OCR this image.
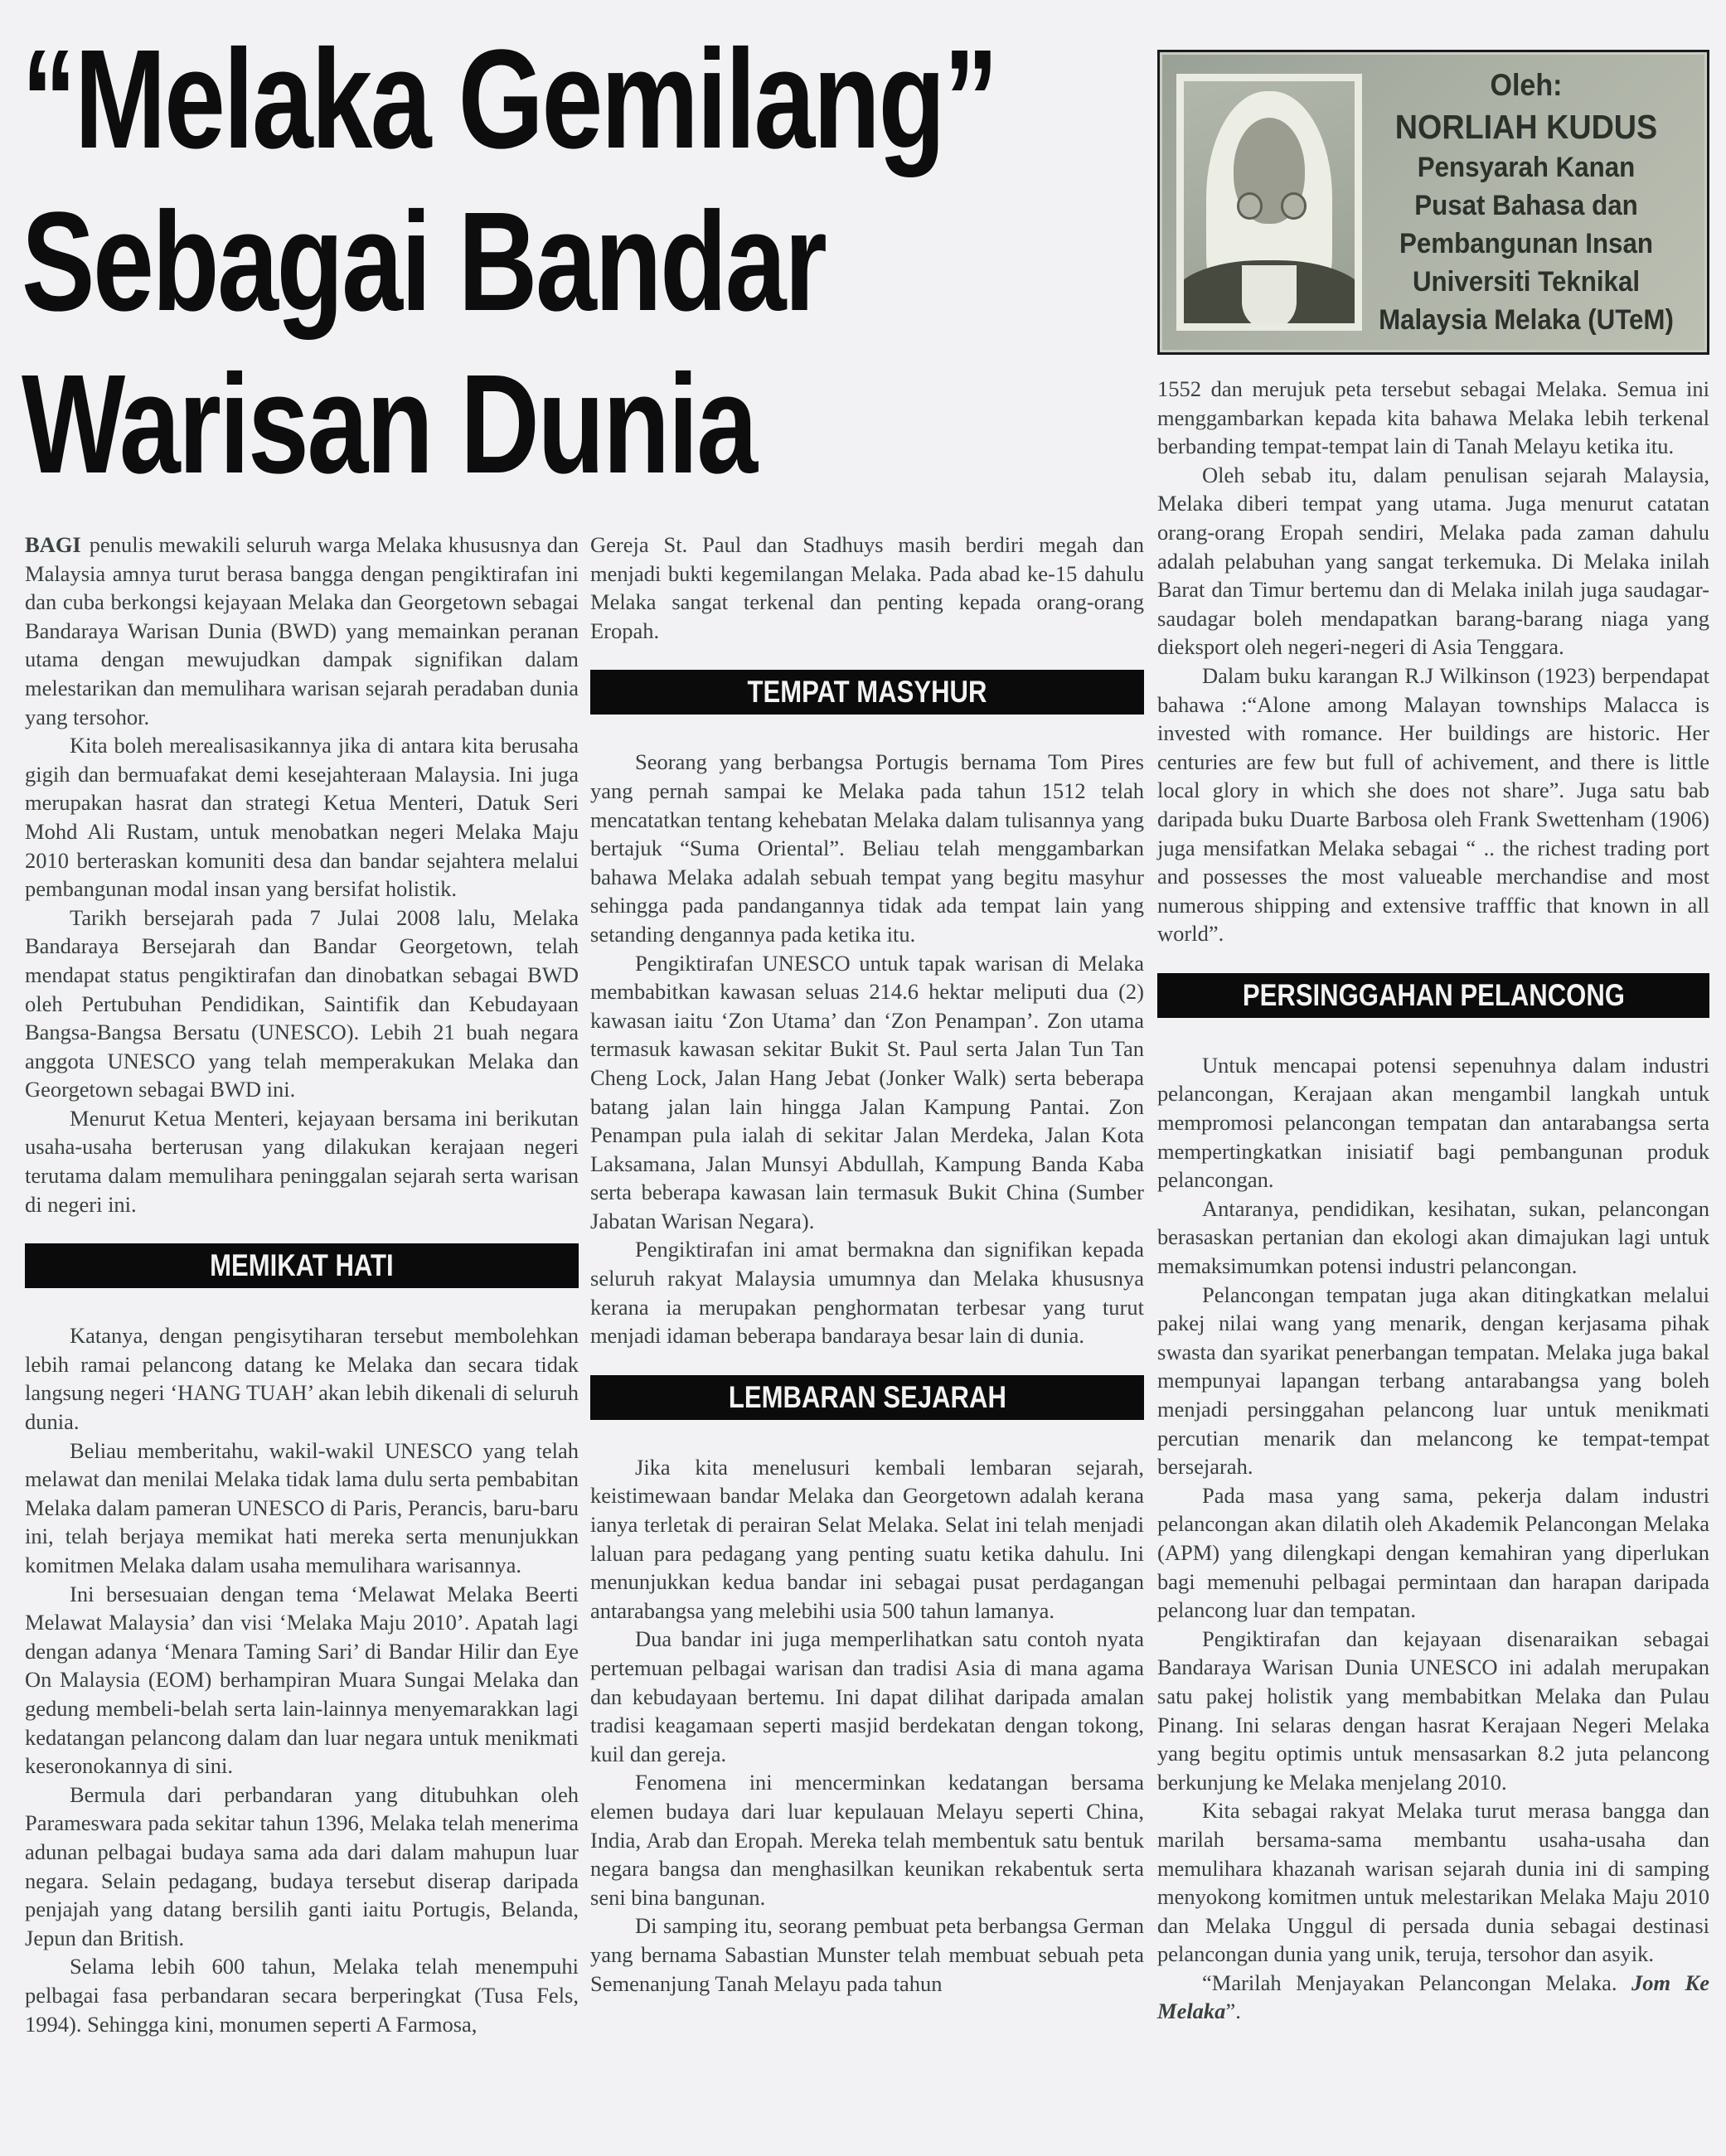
“Melaka Gemilang”
Sebagai Bandar
Warisan Dunia
Oleh:
NORLIAH KUDUS
Pensyarah Kanan
Pusat Bahasa dan
Pembangunan Insan
Universiti Teknikal
Malaysia Melaka (UTeM)

BAGI penulis mewakili seluruh warga Melaka khususnya dan Malaysia amnya turut berasa bangga dengan pengiktirafan ini dan cuba berkongsi kejayaan Melaka dan Georgetown sebagai Bandaraya Warisan Dunia (BWD) yang memainkan peranan utama dengan mewujudkan dampak signifikan dalam melestarikan dan memulihara warisan sejarah peradaban dunia yang tersohor.

Kita boleh merealisasikannya jika di antara kita berusaha gigih dan bermuafakat demi kesejahteraan Malaysia. Ini juga merupakan hasrat dan strategi Ketua Menteri, Datuk Seri Mohd Ali Rustam, untuk menobatkan negeri Melaka Maju 2010 berteraskan komuniti desa dan bandar sejahtera melalui pembangunan modal insan yang bersifat holistik.

Tarikh bersejarah pada 7 Julai 2008 lalu, Melaka Bandaraya Bersejarah dan Bandar Georgetown, telah mendapat status pengiktirafan dan dinobatkan sebagai BWD oleh Pertubuhan Pendidikan, Saintifik dan Kebudayaan Bangsa-Bangsa Bersatu (UNESCO). Lebih 21 buah negara anggota UNESCO yang telah memperakukan Melaka dan Georgetown sebagai BWD ini.

Menurut Ketua Menteri, kejayaan bersama ini berikutan usaha-usaha berterusan yang dilakukan kerajaan negeri terutama dalam memulihara peninggalan sejarah serta warisan di negeri ini.

MEMIKAT HATI

Katanya, dengan pengisytiharan tersebut membolehkan lebih ramai pelancong datang ke Melaka dan secara tidak langsung negeri ‘HANG TUAH’ akan lebih dikenali di seluruh dunia.

Beliau memberitahu, wakil-wakil UNESCO yang telah melawat dan menilai Melaka tidak lama dulu serta pembabitan Melaka dalam pameran UNESCO di Paris, Perancis, baru-baru ini, telah berjaya memikat hati mereka serta menunjukkan komitmen Melaka dalam usaha memulihara warisannya.

Ini bersesuaian dengan tema ‘Melawat Melaka Beerti Melawat Malaysia’ dan visi ‘Melaka Maju 2010’. Apatah lagi dengan adanya ‘Menara Taming Sari’ di Bandar Hilir dan Eye On Malaysia (EOM) berhampiran Muara Sungai Melaka dan gedung membeli-belah serta lain-lainnya menyemarakkan lagi kedatangan pelancong dalam dan luar negara untuk menikmati keseronokannya di sini.

Bermula dari perbandaran yang ditubuhkan oleh Parameswara pada sekitar tahun 1396, Melaka telah menerima adunan pelbagai budaya sama ada dari dalam mahupun luar negara. Selain pedagang, budaya tersebut diserap daripada penjajah yang datang bersilih ganti iaitu Portugis, Belanda, Jepun dan British.

Selama lebih 600 tahun, Melaka telah menempuhi pelbagai fasa perbandaran secara berperingkat (Tusa Fels, 1994). Sehingga kini, monumen seperti A Farmosa,

Gereja St. Paul dan Stadhuys masih berdiri megah dan menjadi bukti kegemilangan Melaka. Pada abad ke-15 dahulu Melaka sangat terkenal dan penting kepada orang-orang Eropah.

TEMPAT MASYHUR

Seorang yang berbangsa Portugis bernama Tom Pires yang pernah sampai ke Melaka pada tahun 1512 telah mencatatkan tentang kehebatan Melaka dalam tulisannya yang bertajuk “Suma Oriental”. Beliau telah menggambarkan bahawa Melaka adalah sebuah tempat yang begitu masyhur sehingga pada pandangannya tidak ada tempat lain yang setanding dengannya pada ketika itu.

Pengiktirafan UNESCO untuk tapak warisan di Melaka membabitkan kawasan seluas 214.6 hektar meliputi dua (2) kawasan iaitu ‘Zon Utama’ dan ‘Zon Penampan’. Zon utama termasuk kawasan sekitar Bukit St. Paul serta Jalan Tun Tan Cheng Lock, Jalan Hang Jebat (Jonker Walk) serta beberapa batang jalan lain hingga Jalan Kampung Pantai. Zon Penampan pula ialah di sekitar Jalan Merdeka, Jalan Kota Laksamana, Jalan Munsyi Abdullah, Kampung Banda Kaba serta beberapa kawasan lain termasuk Bukit China (Sumber Jabatan Warisan Negara).

Pengiktirafan ini amat bermakna dan signifikan kepada seluruh rakyat Malaysia umumnya dan Melaka khususnya kerana ia merupakan penghormatan terbesar yang turut menjadi idaman beberapa bandaraya besar lain di dunia.

LEMBARAN SEJARAH

Jika kita menelusuri kembali lembaran sejarah, keistimewaan bandar Melaka dan Georgetown adalah kerana ianya terletak di perairan Selat Melaka. Selat ini telah menjadi laluan para pedagang yang penting suatu ketika dahulu. Ini menunjukkan kedua bandar ini sebagai pusat perdagangan antarabangsa yang melebihi usia 500 tahun lamanya.

Dua bandar ini juga memperlihatkan satu contoh nyata pertemuan pelbagai warisan dan tradisi Asia di mana agama dan kebudayaan bertemu. Ini dapat dilihat daripada amalan tradisi keagamaan seperti masjid berdekatan dengan tokong, kuil dan gereja.

Fenomena ini mencerminkan kedatangan bersama elemen budaya dari luar kepulauan Melayu seperti China, India, Arab dan Eropah. Mereka telah membentuk satu bentuk negara bangsa dan menghasilkan keunikan rekabentuk serta seni bina bangunan.

Di samping itu, seorang pembuat peta berbangsa German yang bernama Sabastian Munster telah membuat sebuah peta Semenanjung Tanah Melayu pada tahun

1552 dan merujuk peta tersebut sebagai Melaka. Semua ini menggambarkan kepada kita bahawa Melaka lebih terkenal berbanding tempat-tempat lain di Tanah Melayu ketika itu.

Oleh sebab itu, dalam penulisan sejarah Malaysia, Melaka diberi tempat yang utama. Juga menurut catatan orang-orang Eropah sendiri, Melaka pada zaman dahulu adalah pelabuhan yang sangat terkemuka. Di Melaka inilah Barat dan Timur bertemu dan di Melaka inilah juga saudagar-saudagar boleh mendapatkan barang-barang niaga yang dieksport oleh negeri-negeri di Asia Tenggara.

Dalam buku karangan R.J Wilkinson (1923) berpendapat bahawa :“Alone among Malayan townships Malacca is invested with romance. Her buildings are historic. Her centuries are few but full of achivement, and there is little local glory in which she does not share”. Juga satu bab daripada buku Duarte Barbosa oleh Frank Swettenham (1906) juga mensifatkan Melaka sebagai “ .. the richest trading port and possesses the most valueable merchandise and most numerous shipping and extensive trafffic that known in all world”.

PERSINGGAHAN PELANCONG

Untuk mencapai potensi sepenuhnya dalam industri pelancongan, Kerajaan akan mengambil langkah untuk mempromosi pelancongan tempatan dan antarabangsa serta mempertingkatkan inisiatif bagi pembangunan produk pelancongan.

Antaranya, pendidikan, kesihatan, sukan, pelancongan berasaskan pertanian dan ekologi akan dimajukan lagi untuk memaksimumkan potensi industri pelancongan.

Pelancongan tempatan juga akan ditingkatkan melalui pakej nilai wang yang menarik, dengan kerjasama pihak swasta dan syarikat penerbangan tempatan. Melaka juga bakal mempunyai lapangan terbang antarabangsa yang boleh menjadi persinggahan pelancong luar untuk menikmati percutian menarik dan melancong ke tempat-tempat bersejarah.

Pada masa yang sama, pekerja dalam industri pelancongan akan dilatih oleh Akademik Pelancongan Melaka (APM) yang dilengkapi dengan kemahiran yang diperlukan bagi memenuhi pelbagai permintaan dan harapan daripada pelancong luar dan tempatan.

Pengiktirafan dan kejayaan disenaraikan sebagai Bandaraya Warisan Dunia UNESCO ini adalah merupakan satu pakej holistik yang membabitkan Melaka dan Pulau Pinang. Ini selaras dengan hasrat Kerajaan Negeri Melaka yang begitu optimis untuk mensasarkan 8.2 juta pelancong berkunjung ke Melaka menjelang 2010.

Kita sebagai rakyat Melaka turut merasa bangga dan marilah bersama-sama membantu usaha-usaha dan memulihara khazanah warisan sejarah dunia ini di samping menyokong komitmen untuk melestarikan Melaka Maju 2010 dan Melaka Unggul di persada dunia sebagai destinasi pelancongan dunia yang unik, teruja, tersohor dan asyik.

“Marilah Menjayakan Pelancongan Melaka. Jom Ke Melaka”.
